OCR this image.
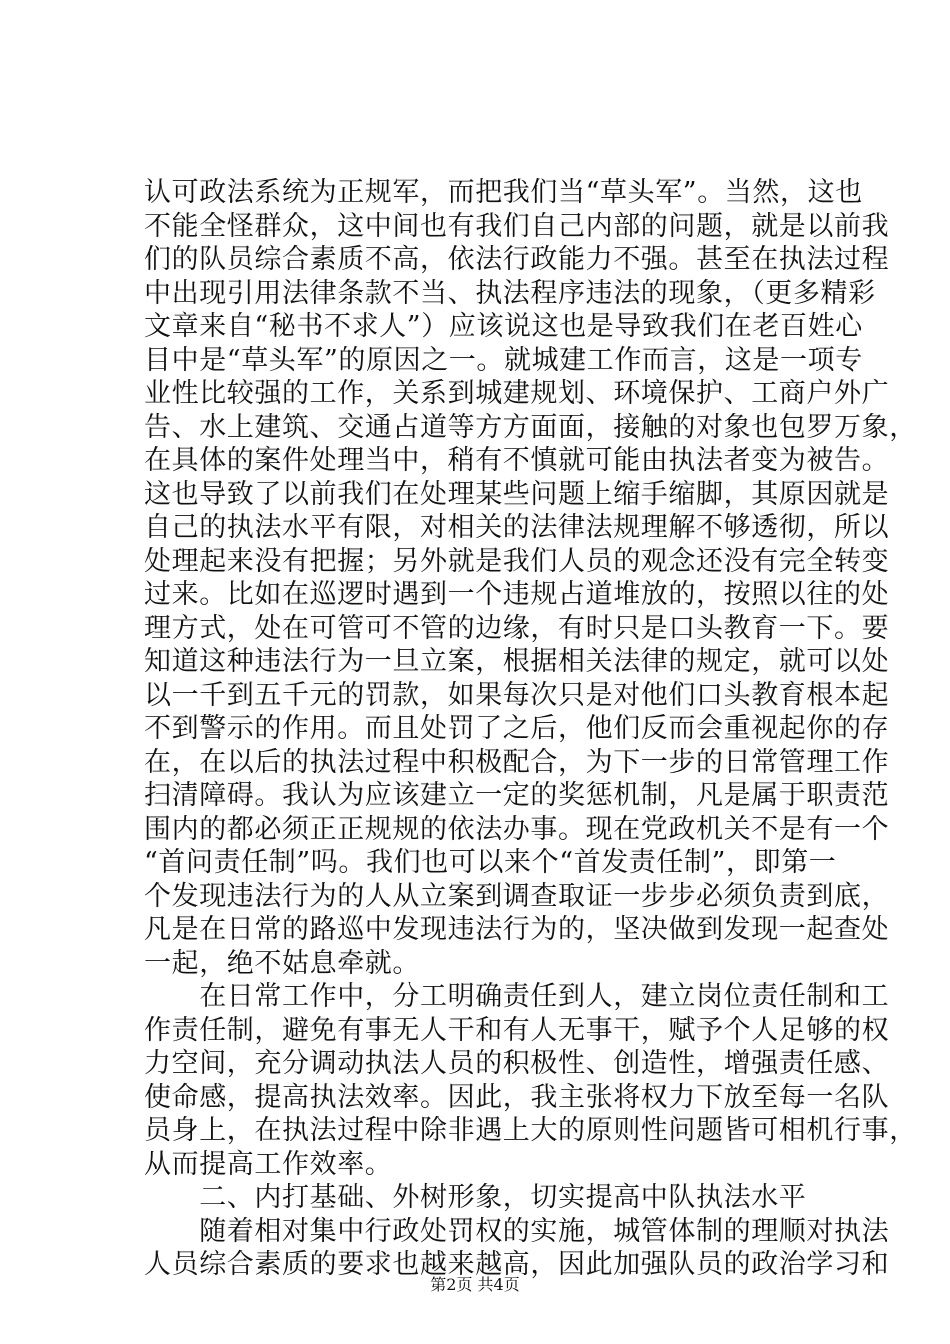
认可政法系统为正规军，而把我们当“草头军”。当然，这也
不能全怪群众，这中间也有我们自己内部的问题，就是以前我
们的队员综合素质不高，依法行政能力不强。甚至在执法过程
中出现引用法律条款不当、执法程序违法的现象，（更多精彩
文章来自“秘书不求人”）应该说这也是导致我们在老百姓心
目中是“草头军”的原因之一。就城建工作而言，这是一项专
业性比较强的工作，关系到城建规划、环境保护、工商户外广
告、水上建筑、交通占道等方方面面，接触的对象也包罗万象，
在具体的案件处理当中，稍有不慎就可能由执法者变为被告。
这也导致了以前我们在处理某些问题上缩手缩脚，其原因就是
自己的执法水平有限，对相关的法律法规理解不够透彻，所以
处理起来没有把握；另外就是我们人员的观念还没有完全转变
过来。比如在巡逻时遇到一个违规占道堆放的，按照以往的处
理方式，处在可管可不管的边缘，有时只是口头教育一下。要
知道这种违法行为一旦立案，根据相关法律的规定，就可以处
以一千到五千元的罚款，如果每次只是对他们口头教育根本起
不到警示的作用。而且处罚了之后，他们反而会重视起你的存
在，在以后的执法过程中积极配合，为下一步的日常管理工作
扫清障碍。我认为应该建立一定的奖惩机制，凡是属于职责范
围内的都必须正正规规的依法办事。现在党政机关不是有一个
“首问责任制”吗。我们也可以来个“首发责任制”，即第一
个发现违法行为的人从立案到调查取证一步步必须负责到底，
凡是在日常的路巡中发现违法行为的，坚决做到发现一起查处
一起，绝不姑息牵就。
　　在日常工作中，分工明确责任到人，建立岗位责任制和工
作责任制，避免有事无人干和有人无事干，赋予个人足够的权
力空间，充分调动执法人员的积极性、创造性，增强责任感、
使命感，提高执法效率。因此，我主张将权力下放至每一名队
员身上，在执法过程中除非遇上大的原则性问题皆可相机行事，
从而提高工作效率。
　　二、内打基础、外树形象，切实提高中队执法水平
　　随着相对集中行政处罚权的实施，城管体制的理顺对执法
人员综合素质的要求也越来越高，因此加强队员的政治学习和
第2页 共4页
